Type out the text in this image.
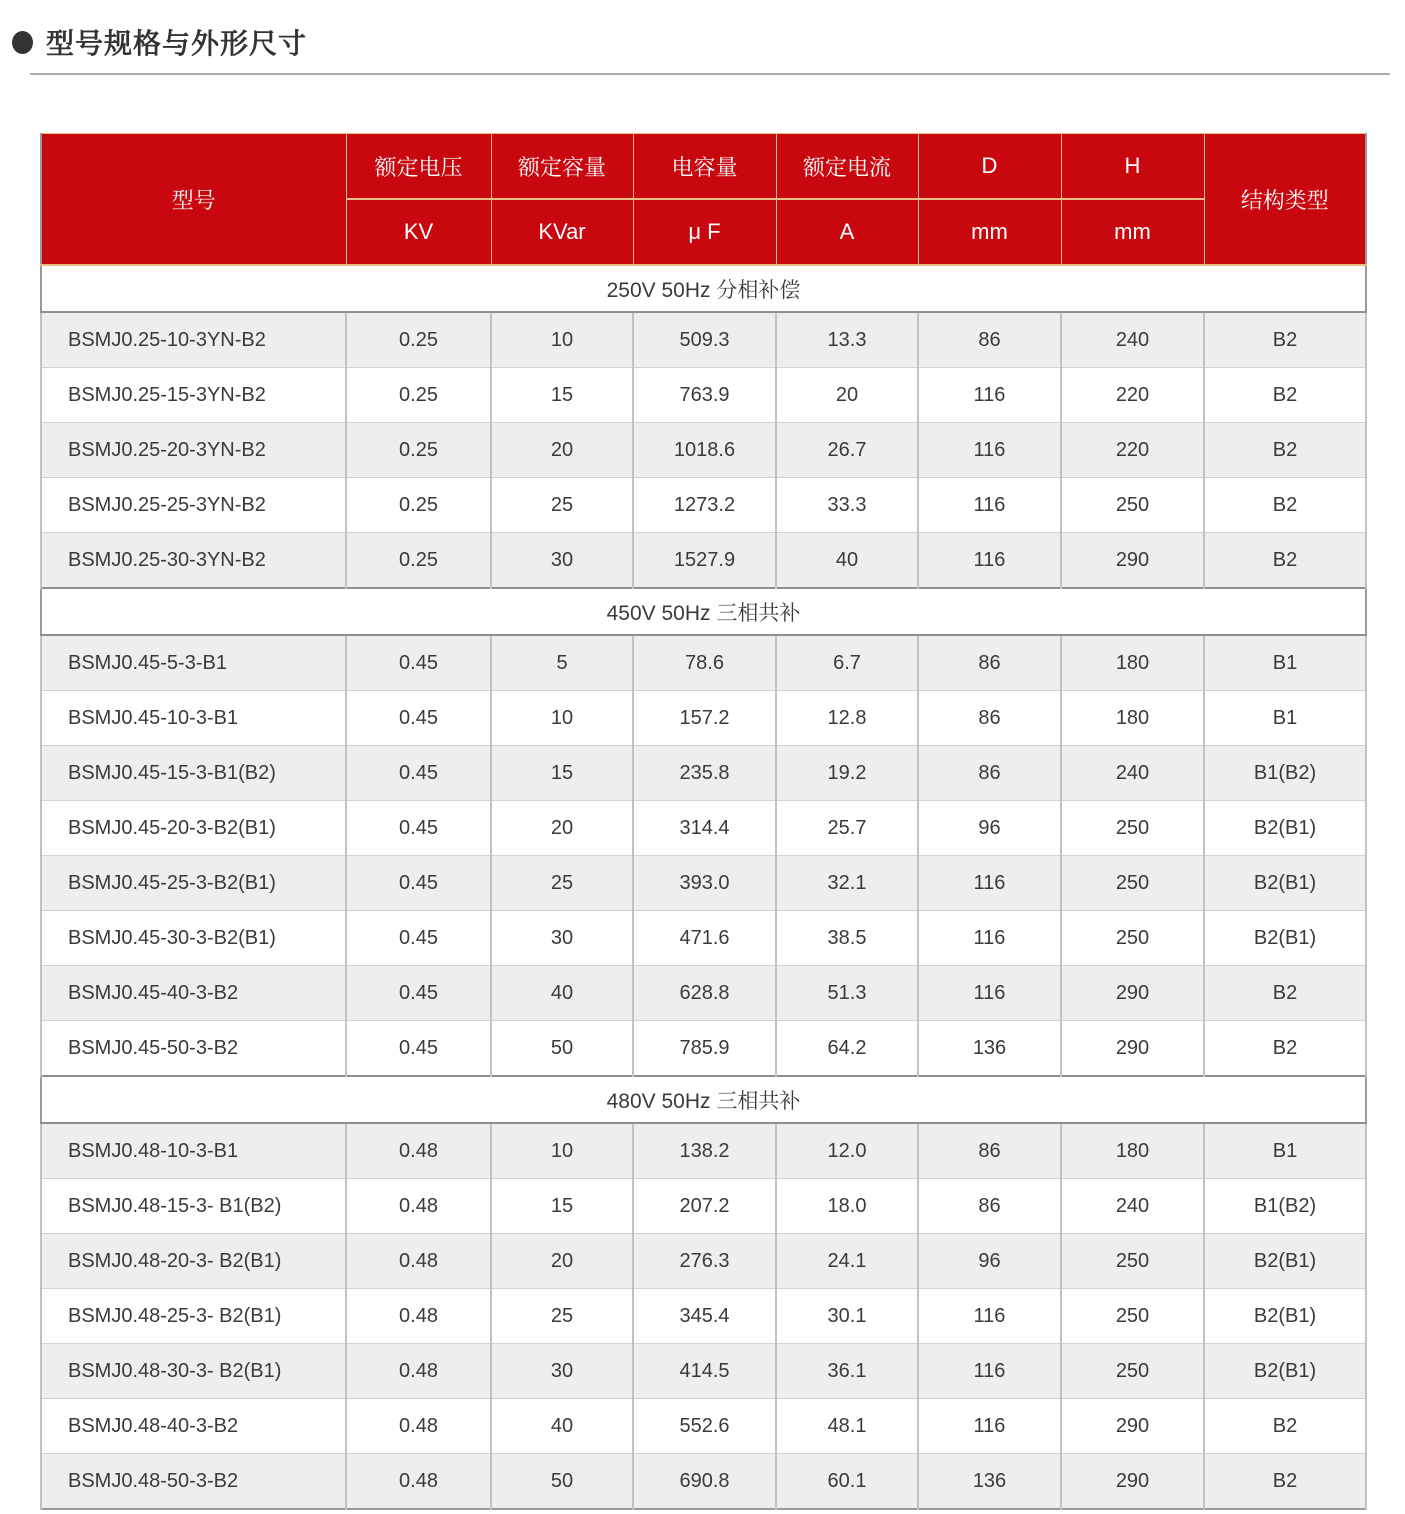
型号规格与外形尺寸
型号	额定电压	额定容量	电容量	额定电流	D	H	结构类型
	KV	KVar	μ F	A	mm	mm	
250V 50Hz 分相补偿							
BSMJ0.25-10-3YN-B2	0.25	10	509.3	13.3	86	240	B2
BSMJ0.25-15-3YN-B2	0.25	15	763.9	20	116	220	B2
BSMJ0.25-20-3YN-B2	0.25	20	1018.6	26.7	116	220	B2
BSMJ0.25-25-3YN-B2	0.25	25	1273.2	33.3	116	250	B2
BSMJ0.25-30-3YN-B2	0.25	30	1527.9	40	116	290	B2
450V 50Hz 三相共补							
BSMJ0.45-5-3-B1	0.45	5	78.6	6.7	86	180	B1
BSMJ0.45-10-3-B1	0.45	10	157.2	12.8	86	180	B1
BSMJ0.45-15-3-B1(B2)	0.45	15	235.8	19.2	86	240	B1(B2)
BSMJ0.45-20-3-B2(B1)	0.45	20	314.4	25.7	96	250	B2(B1)
BSMJ0.45-25-3-B2(B1)	0.45	25	393.0	32.1	116	250	B2(B1)
BSMJ0.45-30-3-B2(B1)	0.45	30	471.6	38.5	116	250	B2(B1)
BSMJ0.45-40-3-B2	0.45	40	628.8	51.3	116	290	B2
BSMJ0.45-50-3-B2	0.45	50	785.9	64.2	136	290	B2
480V 50Hz 三相共补							
BSMJ0.48-10-3-B1	0.48	10	138.2	12.0	86	180	B1
BSMJ0.48-15-3- B1(B2)	0.48	15	207.2	18.0	86	240	B1(B2)
BSMJ0.48-20-3- B2(B1)	0.48	20	276.3	24.1	96	250	B2(B1)
BSMJ0.48-25-3- B2(B1)	0.48	25	345.4	30.1	116	250	B2(B1)
BSMJ0.48-30-3- B2(B1)	0.48	30	414.5	36.1	116	250	B2(B1)
BSMJ0.48-40-3-B2	0.48	40	552.6	48.1	116	290	B2
BSMJ0.48-50-3-B2	0.48	50	690.8	60.1	136	290	B2
